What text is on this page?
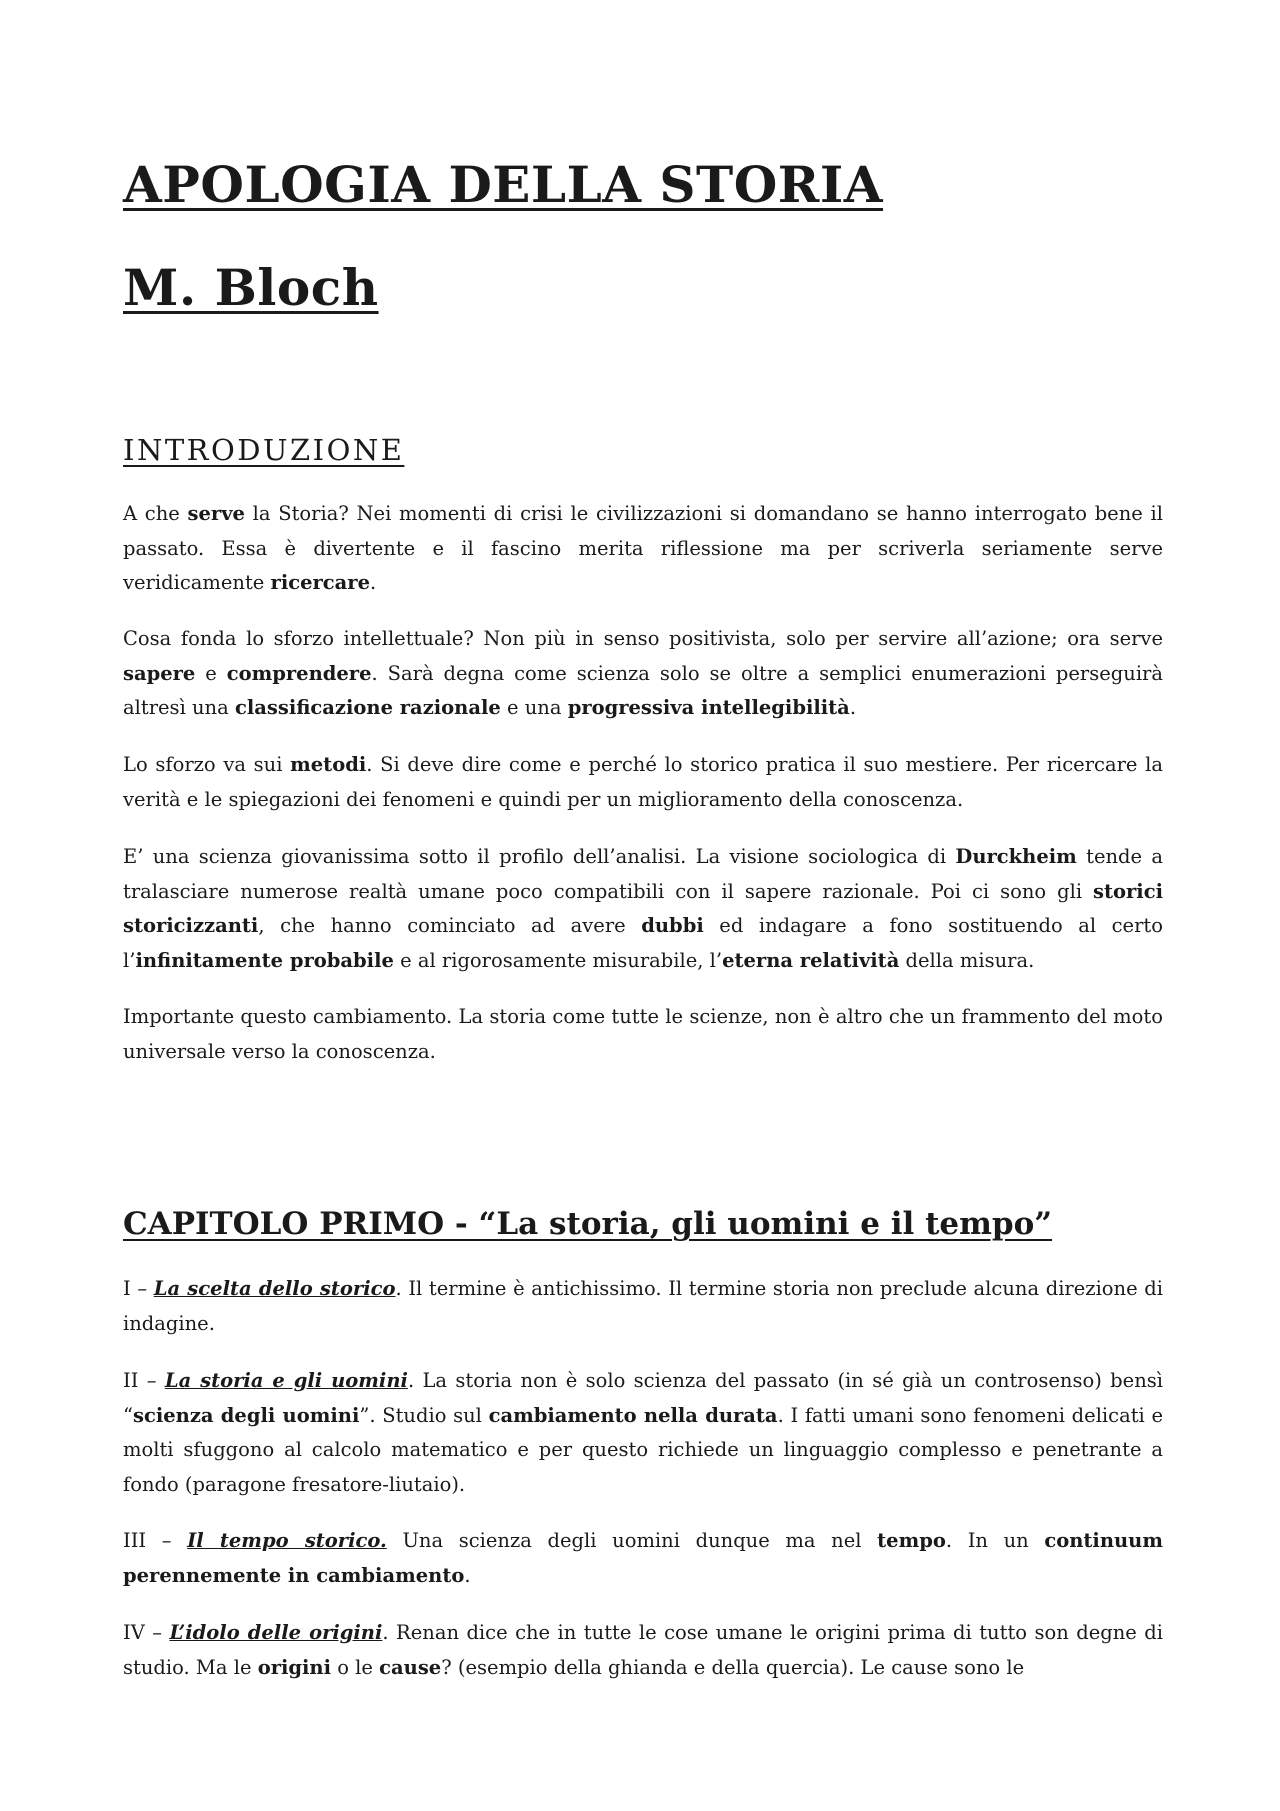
APOLOGIA DELLA STORIA
M. Bloch
INTRODUZIONE

A che serve la Storia? Nei momenti di crisi le civilizzazioni si domandano se hanno interrogato bene il passato. Essa è divertente e il fascino merita riflessione ma per scriverla seriamente serve veridicamente ricercare.

Cosa fonda lo sforzo intellettuale? Non più in senso positivista, solo per servire all’azione; ora serve sapere e comprendere. Sarà degna come scienza solo se oltre a semplici enumerazioni perseguirà altresì una classificazione razionale e una progressiva intellegibilità.

Lo sforzo va sui metodi. Si deve dire come e perché lo storico pratica il suo mestiere. Per ricercare la verità e le spiegazioni dei fenomeni e quindi per un miglioramento della conoscenza.

E’ una scienza giovanissima sotto il profilo dell’analisi. La visione sociologica di Durckheim tende a tralasciare numerose realtà umane poco compatibili con il sapere razionale. Poi ci sono gli storici storicizzanti, che hanno cominciato ad avere dubbi ed indagare a fono sostituendo al certo l’infinitamente probabile e al rigorosamente misurabile, l’eterna relatività della misura.

Importante questo cambiamento. La storia come tutte le scienze, non è altro che un frammento del moto universale verso la conoscenza.

CAPITOLO PRIMO - “La storia, gli uomini e il tempo”

I – La scelta dello storico. Il termine è antichissimo. Il termine storia non preclude alcuna direzione di indagine.

II – La storia e gli uomini. La storia non è solo scienza del passato (in sé già un controsenso) bensì “scienza degli uomini”. Studio sul cambiamento nella durata. I fatti umani sono fenomeni delicati e molti sfuggono al calcolo matematico e per questo richiede un linguaggio complesso e penetrante a fondo (paragone fresatore-liutaio).

III – Il tempo storico. Una scienza degli uomini dunque ma nel tempo. In un continuum perennemente in cambiamento.

IV – L’idolo delle origini. Renan dice che in tutte le cose umane le origini prima di tutto son degne di studio. Ma le origini o le cause? (esempio della ghianda e della quercia). Le cause sono le
